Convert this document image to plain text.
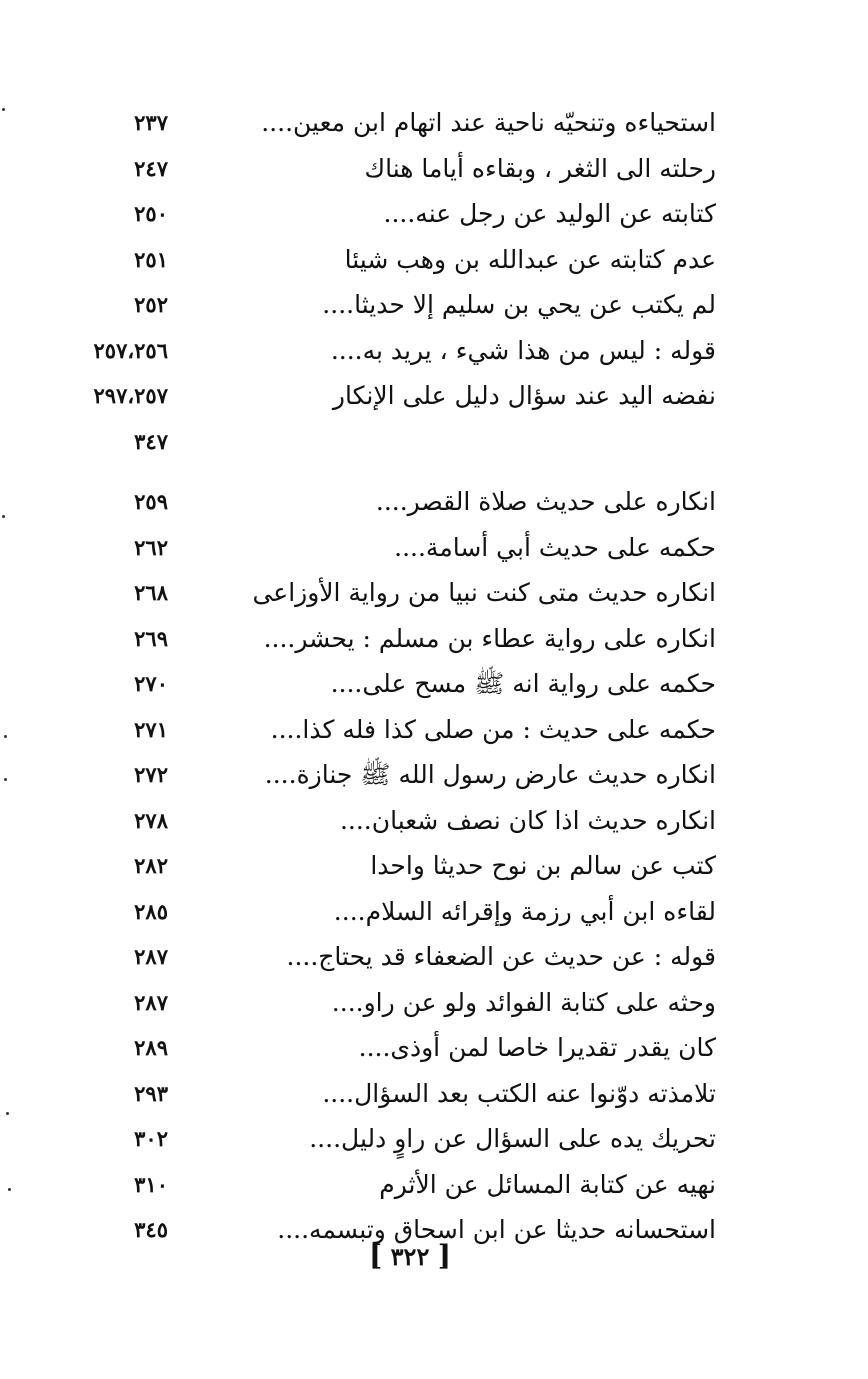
استحياءه وتنحيّه ناحية عند اتهام ابن معين....
٢٣٧
رحلته الى الثغر ، وبقاءه أياما هناك
٢٤٧
كتابته عن الوليد عن رجل عنه....
٢٥٠
عدم كتابته عن عبدالله بن وهب شيئا
٢٥١
لم يكتب عن يحي بن سليم إلا حديثا....
٢٥٢
قوله : ليس من هذا شيء ، يريد به....
٢٥٧،٢٥٦
نفضه اليد عند سؤال دليل على الإنكار
٢٩٧،٢٥٧
٣٤٧
انكاره على حديث صلاة القصر....
٢٥٩
حكمه على حديث أبي أسامة....
٢٦٢
انكاره حديث متى كنت نبيا من رواية الأوزاعى
٢٦٨
انكاره على رواية عطاء بن مسلم : يحشر....
٢٦٩
حكمه على رواية انه ﷺ مسح على....
٢٧٠
حكمه على حديث : من صلى كذا فله كذا....
٢٧١
انكاره حديث عارض رسول الله ﷺ جنازة....
٢٧٢
انكاره حديث اذا كان نصف شعبان....
٢٧٨
كتب عن سالم بن نوح حديثا واحدا
٢٨٢
لقاءه ابن أبي رزمة وإقرائه السلام....
٢٨٥
قوله : عن حديث عن الضعفاء قد يحتاج....
٢٨٧
وحثه على كتابة الفوائد ولو عن راو....
٢٨٧
كان يقدر تقديرا خاصا لمن أوذى....
٢٨٩
تلامذته دوّنوا عنه الكتب بعد السؤال....
٢٩٣
تحريك يده على السؤال عن راوٍ دليل....
٣٠٢
نهيه عن كتابة المسائل عن الأثرم
٣١٠
استحسانه حديثا عن ابن اسحاق وتبسمه....
٣٤٥
[ ٣٢٢ ]
